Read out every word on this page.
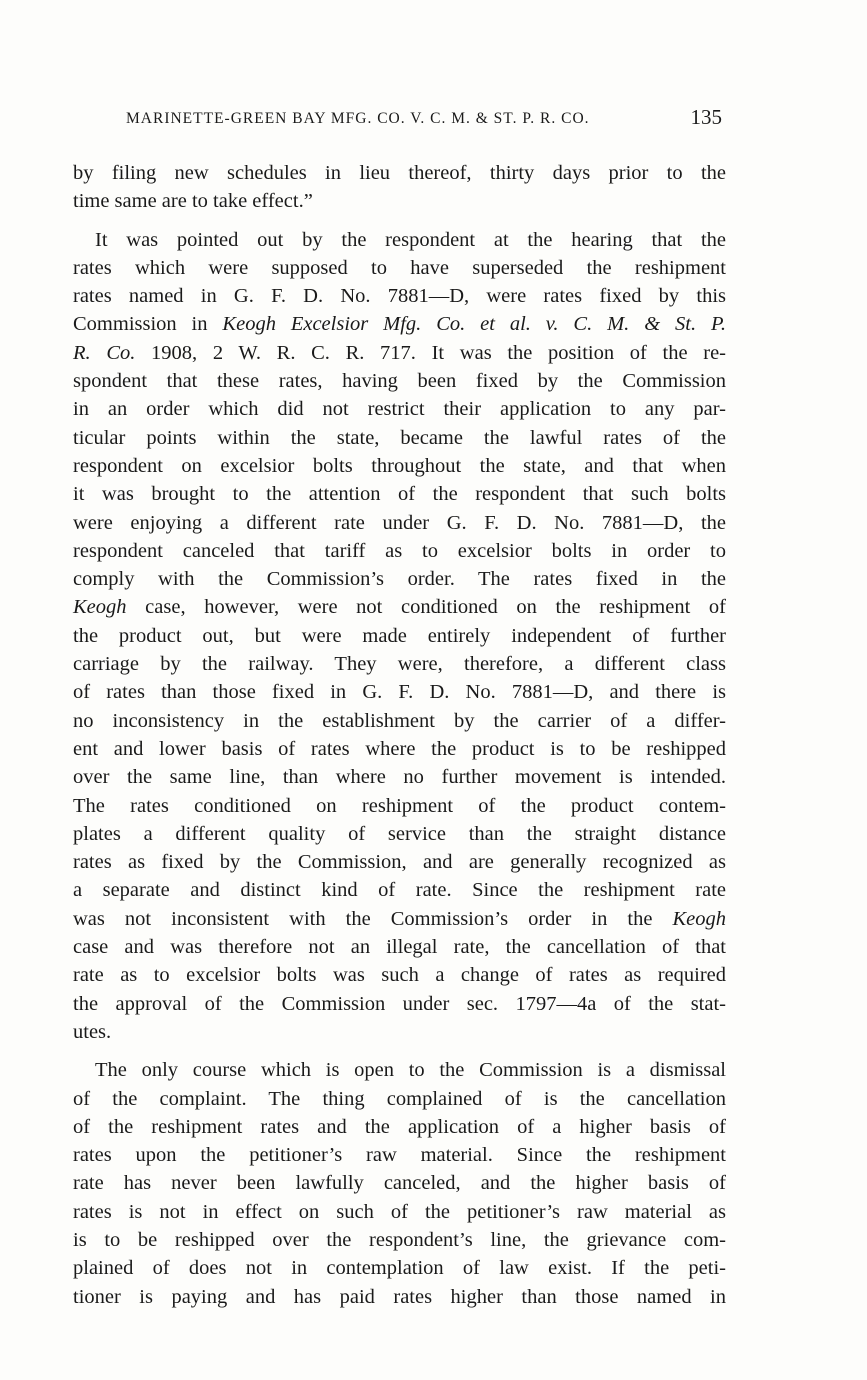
MARINETTE-GREEN BAY MFG. CO. V. C. M. & ST. P. R. CO.	135
by filing new schedules in lieu thereof, thirty days prior to the
time same are to take effect.”
It was pointed out by the respondent at the hearing that the
rates which were supposed to have superseded the reshipment
rates named in G. F. D. No. 7881—D, were rates fixed by this
Commission in Keogh Excelsior Mfg. Co. et al. v. C. M. & St. P.
R. Co. 1908, 2 W. R. C. R. 717. It was the position of the re-
spondent that these rates, having been fixed by the Commission
in an order which did not restrict their application to any par-
ticular points within the state, became the lawful rates of the
respondent on excelsior bolts throughout the state, and that when
it was brought to the attention of the respondent that such bolts
were enjoying a different rate under G. F. D. No. 7881—D, the
respondent canceled that tariff as to excelsior bolts in order to
comply with the Commission’s order. The rates fixed in the
Keogh case, however, were not conditioned on the reshipment of
the product out, but were made entirely independent of further
carriage by the railway. They were, therefore, a different class
of rates than those fixed in G. F. D. No. 7881—D, and there is
no inconsistency in the establishment by the carrier of a differ-
ent and lower basis of rates where the product is to be reshipped
over the same line, than where no further movement is intended.
The rates conditioned on reshipment of the product contem-
plates a different quality of service than the straight distance
rates as fixed by the Commission, and are generally recognized as
a separate and distinct kind of rate. Since the reshipment rate
was not inconsistent with the Commission’s order in the Keogh
case and was therefore not an illegal rate, the cancellation of that
rate as to excelsior bolts was such a change of rates as required
the approval of the Commission under sec. 1797—4a of the stat-
utes.
The only course which is open to the Commission is a dismissal
of the complaint. The thing complained of is the cancellation
of the reshipment rates and the application of a higher basis of
rates upon the petitioner’s raw material. Since the reshipment
rate has never been lawfully canceled, and the higher basis of
rates is not in effect on such of the petitioner’s raw material as
is to be reshipped over the respondent’s line, the grievance com-
plained of does not in contemplation of law exist. If the peti-
tioner is paying and has paid rates higher than those named in
